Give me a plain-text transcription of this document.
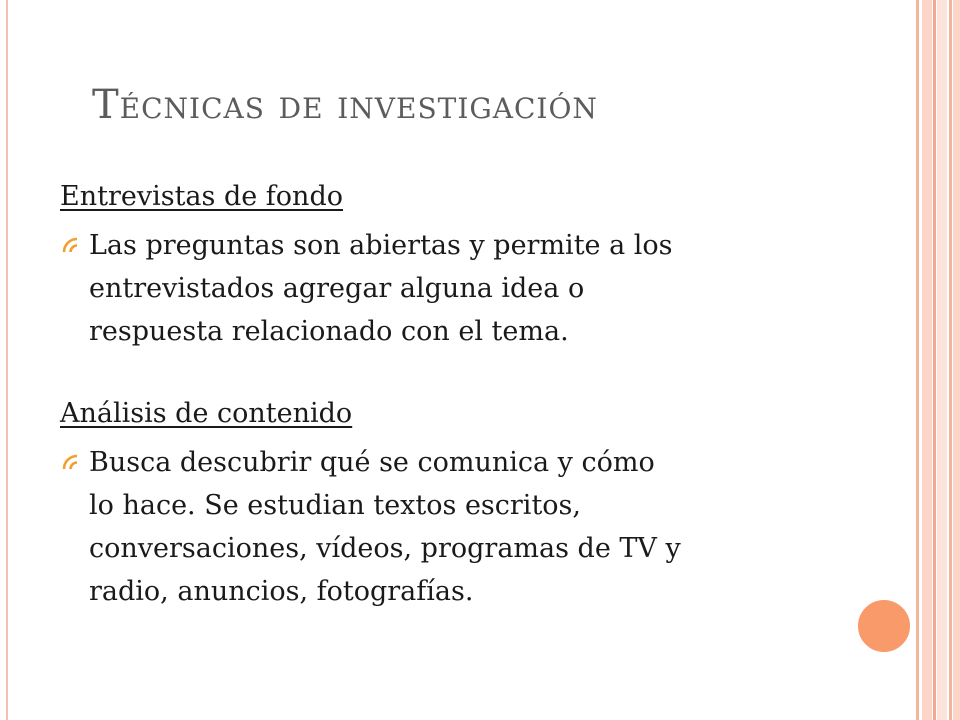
Técnicas de investigación
Entrevistas de fondo
Las preguntas son abiertas y permite a los
entrevistados agregar alguna idea o
respuesta relacionado con el tema.
Análisis de contenido
Busca descubrir qué se comunica y cómo
lo hace. Se estudian textos escritos,
conversaciones, vídeos, programas de TV y
radio, anuncios, fotografías.
